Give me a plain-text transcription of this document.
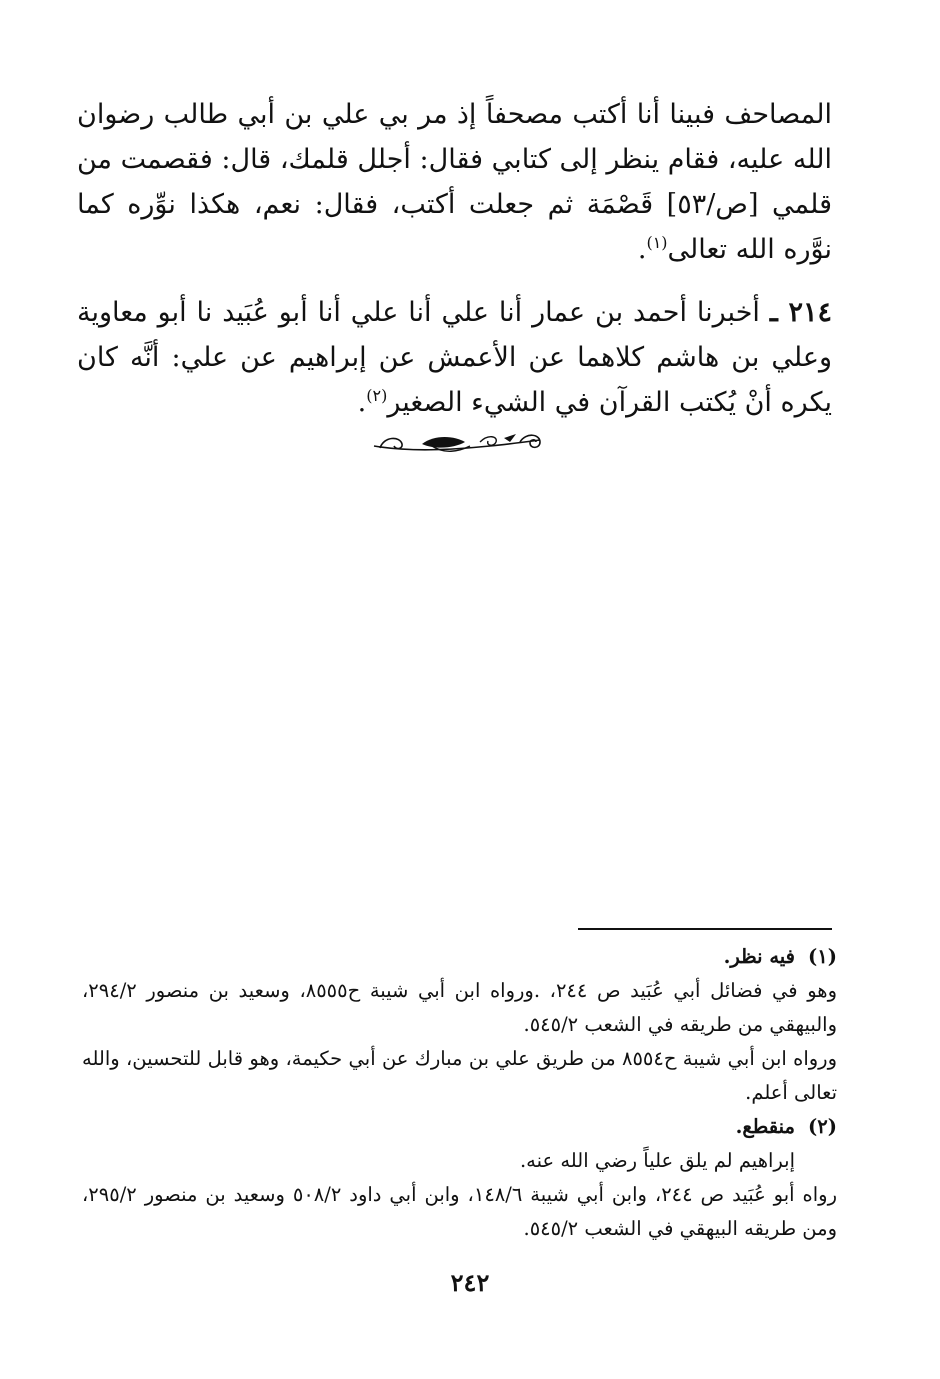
المصاحف فبينا أنا أكتب مصحفاً إذ مر بي علي بن أبي طالب رضوان الله عليه، فقام ينظر إلى كتابي فقال: أجلل قلمك، قال: فقصمت من قلمي [ص/٥٣] قَصْمَة ثم جعلت أكتب، فقال: نعم، هكذا نوِّره كما نوَّره الله تعالى$^{(١)}$.

٢١٤ ـ أخبرنا أحمد بن عمار أنا علي أنا علي أنا أبو عُبَيد نا أبو معاوية وعلي بن هاشم كلاهما عن الأعمش عن إبراهيم عن علي: أنَّه كان يكره أنْ يُكتب القرآن في الشيء الصغير$^{(٢)}$.

(١)فيه نظر.

وهو في فضائل أبي عُبَيد ص ٢٤٤، .ورواه ابن أبي شيبة ح٨٥٥٥، وسعيد بن منصور ٢٩٤/٢، والبيهقي من طريقه في الشعب ٥٤٥/٢.

ورواه ابن أبي شيبة ح٨٥٥٤ من طريق علي بن مبارك عن أبي حكيمة، وهو قابل للتحسين، والله تعالى أعلم.

(٢)منقطع.

إبراهيم لم يلق علياً رضي الله عنه.

رواه أبو عُبَيد ص ٢٤٤، وابن أبي شيبة ١٤٨/٦، وابن أبي داود ٥٠٨/٢ وسعيد بن منصور ٢٩٥/٢، ومن طريقه البيهقي في الشعب ٥٤٥/٢.

٢٤٢
